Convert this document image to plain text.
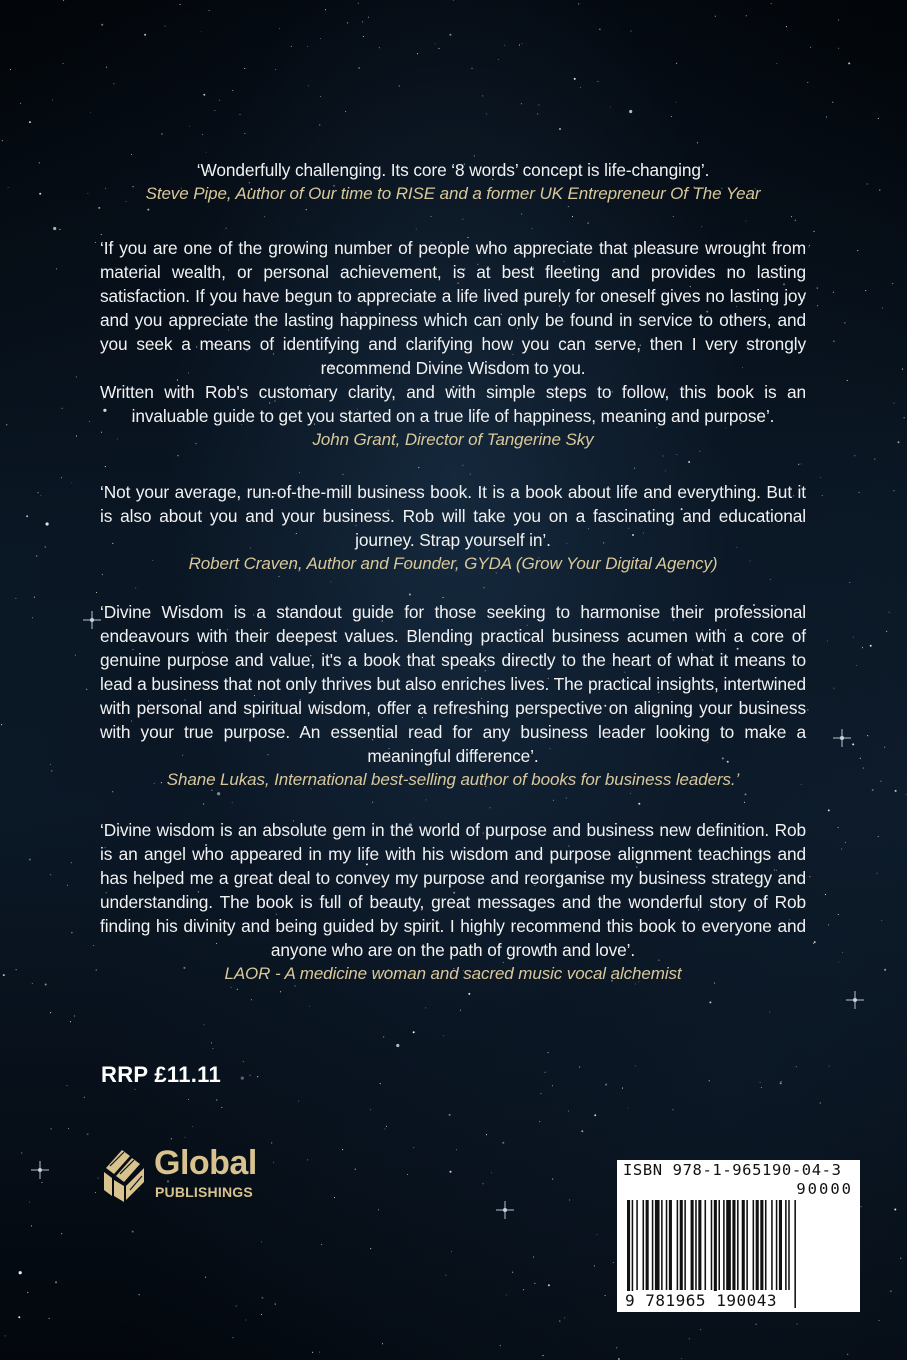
‘Wonderfully challenging. Its core ‘8 words’ concept is life-changing’.
Steve Pipe, Author of Our time to RISE and a former UK Entrepreneur Of The Year
‘If you are one of the growing number of people who appreciate that pleasure wrought from material wealth, or personal achievement, is at best fleeting and provides no lasting satisfaction. If you have begun to appreciate a life lived purely for oneself gives no lasting joy and you appreciate the lasting happiness which can only be found in service to others, and you seek a means of identifying and clarifying how you can serve, then I very strongly recommend Divine Wisdom to you.
Written with Rob's customary clarity, and with simple steps to follow, this book is an invaluable guide to get you started on a true life of happiness, meaning and purpose’.
John Grant, Director of Tangerine Sky
‘Not your average, run-of-the-mill business book. It is a book about life and everything. But it is also about you and your business. Rob will take you on a fascinating and educational journey. Strap yourself in’.
Robert Craven, Author and Founder, GYDA (Grow Your Digital Agency)
‘Divine Wisdom is a standout guide for those seeking to harmonise their professional endeavours with their deepest values. Blending practical business acumen with a core of genuine purpose and value, it's a book that speaks directly to the heart of what it means to lead a business that not only thrives but also enriches lives. The practical insights, intertwined with personal and spiritual wisdom, offer a refreshing perspective on aligning your business with your true purpose. An essential read for any business leader looking to make a meaningful difference’.
Shane Lukas, International best-selling author of books for business leaders.’
‘Divine wisdom is an absolute gem in the world of purpose and business new definition. Rob is an angel who appeared in my life with his wisdom and purpose alignment teachings and has helped me a great deal to convey my purpose and reorganise my business strategy and understanding. The book is full of beauty, great messages and the wonderful story of Rob finding his divinity and being guided by spirit. I highly recommend this book to everyone and anyone who are on the path of growth and love’.
LAOR - A medicine woman and sacred music vocal alchemist
RRP £11.11
Global
PUBLISHINGS
ISBN 978-1-965190-04-3
90000
9 781965 190043
